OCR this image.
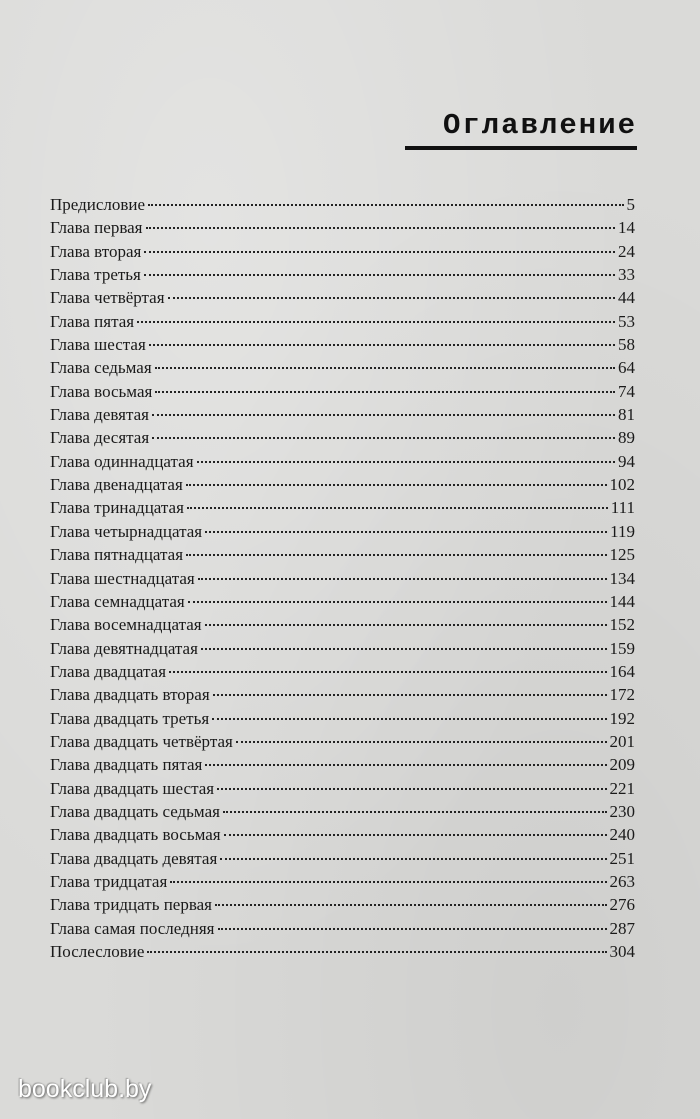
Оглавление
Предисловие	5
Глава первая	14
Глава вторая	24
Глава третья	33
Глава четвёртая	44
Глава пятая	53
Глава шестая	58
Глава седьмая	64
Глава восьмая	74
Глава девятая	81
Глава десятая	89
Глава одиннадцатая	94
Глава двенадцатая	102
Глава тринадцатая	111
Глава четырнадцатая	119
Глава пятнадцатая	125
Глава шестнадцатая	134
Глава семнадцатая	144
Глава восемнадцатая	152
Глава девятнадцатая	159
Глава двадцатая	164
Глава двадцать вторая	172
Глава двадцать третья	192
Глава двадцать четвёртая	201
Глава двадцать пятая	209
Глава двадцать шестая	221
Глава двадцать седьмая	230
Глава двадцать восьмая	240
Глава двадцать девятая	251
Глава тридцатая	263
Глава тридцать первая	276
Глава самая последняя	287
Послесловие	304
bookclub.by
